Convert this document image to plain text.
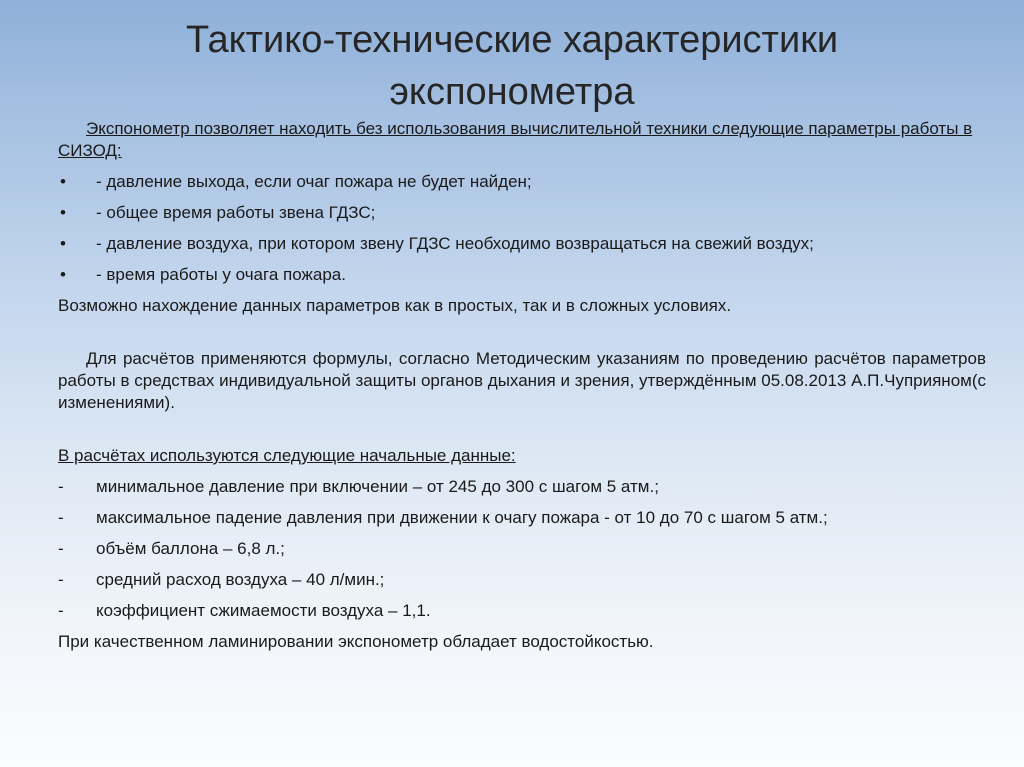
Тактико-технические характеристики
экспонометра

Экспонометр позволяет находить без использования вычислительной техники следующие параметры работы в СИЗОД:

•	- давление выхода, если очаг пожара не будет найден;
•	- общее время работы звена ГДЗС;
•	- давление воздуха, при котором звену ГДЗС необходимо возвращаться на свежий воздух;
•	- время работы у очага пожара.

Возможно нахождение данных параметров как в простых, так и в сложных условиях.

Для расчётов применяются формулы, согласно Методическим указаниям по проведению расчётов параметров работы в средствах индивидуальной защиты органов дыхания и зрения, утверждённым 05.08.2013 А.П.Чуприяном(с изменениями).

В расчётах используются следующие начальные данные:

-	минимальное давление при включении – от 245 до 300 с шагом 5 атм.;
-	максимальное падение давления при движении к очагу пожара - от 10 до 70 с шагом 5 атм.;
-	объём баллона – 6,8 л.;
-	средний расход воздуха – 40 л/мин.;
-	коэффициент сжимаемости воздуха – 1,1.

При качественном ламинировании экспонометр обладает водостойкостью.
